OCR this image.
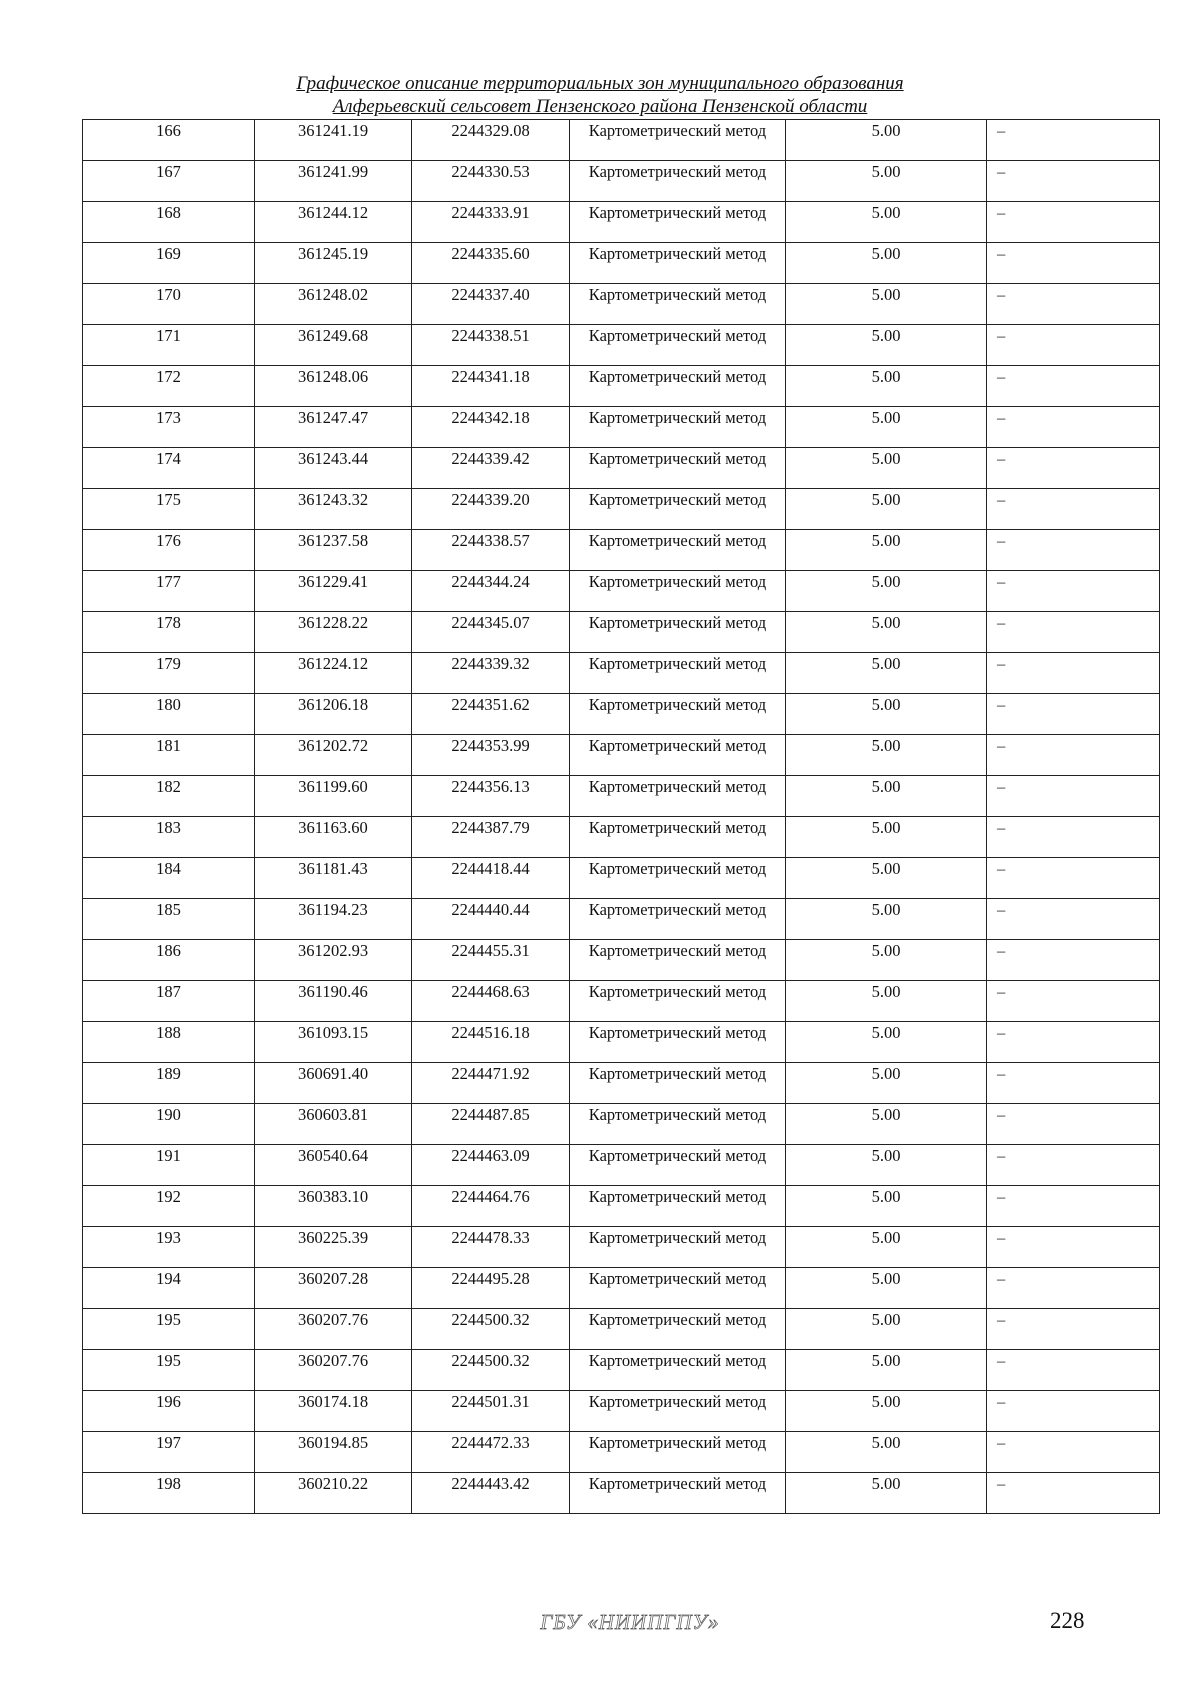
Графическое описание территориальных зон муниципального образования
Алферьевский сельсовет Пензенского района Пензенской области
166	361241.19	2244329.08	Картометрический метод	5.00	–

167	361241.99	2244330.53	Картометрический метод	5.00	–

168	361244.12	2244333.91	Картометрический метод	5.00	–

169	361245.19	2244335.60	Картометрический метод	5.00	–

170	361248.02	2244337.40	Картометрический метод	5.00	–

171	361249.68	2244338.51	Картометрический метод	5.00	–

172	361248.06	2244341.18	Картометрический метод	5.00	–

173	361247.47	2244342.18	Картометрический метод	5.00	–

174	361243.44	2244339.42	Картометрический метод	5.00	–

175	361243.32	2244339.20	Картометрический метод	5.00	–

176	361237.58	2244338.57	Картометрический метод	5.00	–

177	361229.41	2244344.24	Картометрический метод	5.00	–

178	361228.22	2244345.07	Картометрический метод	5.00	–

179	361224.12	2244339.32	Картометрический метод	5.00	–

180	361206.18	2244351.62	Картометрический метод	5.00	–

181	361202.72	2244353.99	Картометрический метод	5.00	–

182	361199.60	2244356.13	Картометрический метод	5.00	–

183	361163.60	2244387.79	Картометрический метод	5.00	–

184	361181.43	2244418.44	Картометрический метод	5.00	–

185	361194.23	2244440.44	Картометрический метод	5.00	–

186	361202.93	2244455.31	Картометрический метод	5.00	–

187	361190.46	2244468.63	Картометрический метод	5.00	–

188	361093.15	2244516.18	Картометрический метод	5.00	–

189	360691.40	2244471.92	Картометрический метод	5.00	–

190	360603.81	2244487.85	Картометрический метод	5.00	–

191	360540.64	2244463.09	Картометрический метод	5.00	–

192	360383.10	2244464.76	Картометрический метод	5.00	–

193	360225.39	2244478.33	Картометрический метод	5.00	–

194	360207.28	2244495.28	Картометрический метод	5.00	–

195	360207.76	2244500.32	Картометрический метод	5.00	–

195	360207.76	2244500.32	Картометрический метод	5.00	–

196	360174.18	2244501.31	Картометрический метод	5.00	–

197	360194.85	2244472.33	Картометрический метод	5.00	–

198	360210.22	2244443.42	Картометрический метод	5.00	–
ГБУ «НИИПГПУ»	228
